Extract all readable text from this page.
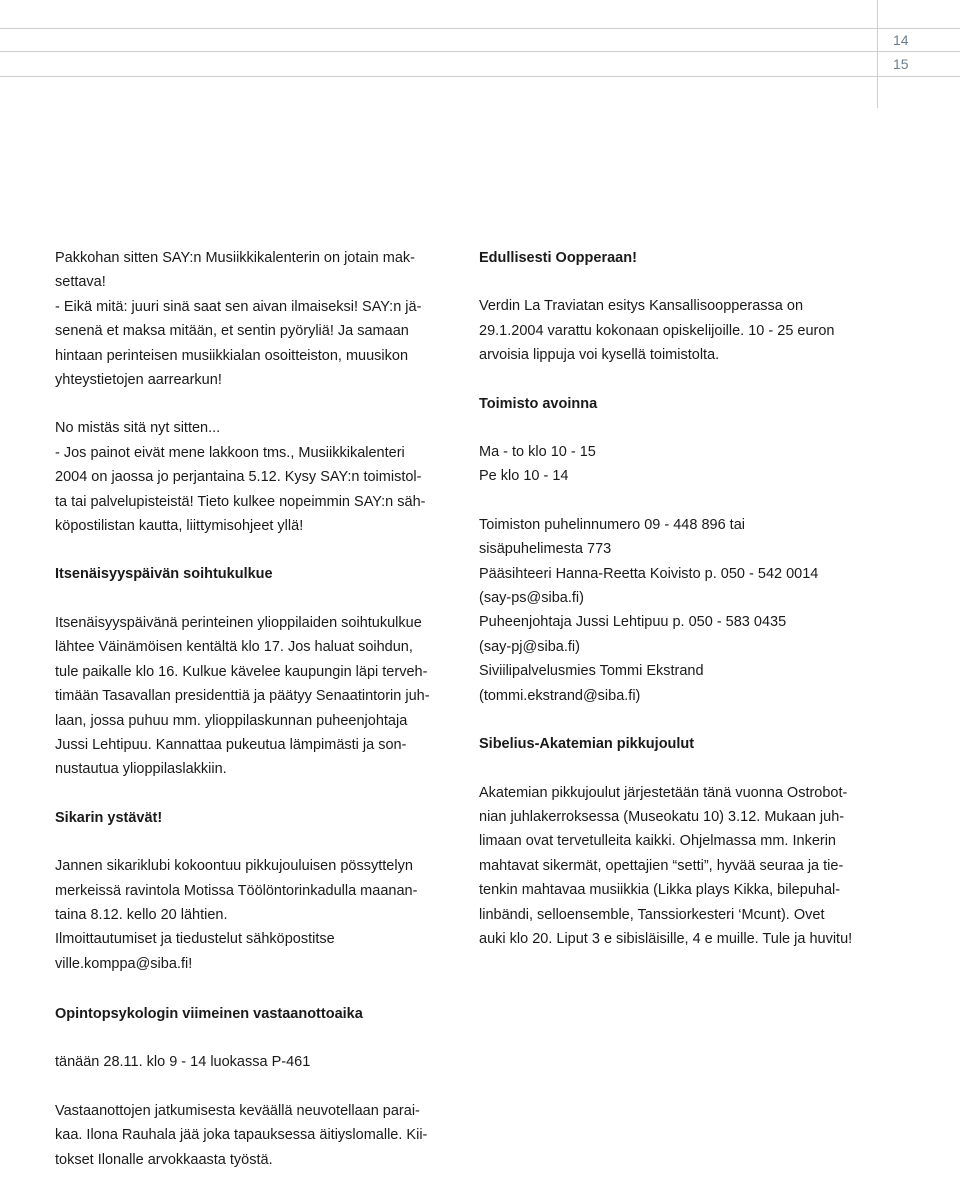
14
15
Pakkohan sitten SAY:n Musiikkikalenterin on jotain mak-
settava!
- Eikä mitä: juuri sinä saat sen aivan ilmaiseksi! SAY:n jä-
senenä et maksa mitään, et sentin pyöryliä! Ja samaan
hintaan perinteisen musiikkialan osoitteiston, muusikon
yhteystietojen aarrearkun!
No mistäs sitä nyt sitten...
- Jos painot eivät mene lakkoon tms., Musiikkikalenteri
2004 on jaossa jo perjantaina 5.12. Kysy SAY:n toimistol-
ta tai palvelupisteistä! Tieto kulkee nopeimmin SAY:n säh-
köpostilistan kautta, liittymisohjeet yllä!
Itsenäisyyspäivän soihtukulkue
Itsenäisyyspäivänä perinteinen ylioppilaiden soihtukulkue
lähtee Väinämöisen kentältä klo 17. Jos haluat soihdun,
tule paikalle klo 16. Kulkue kävelee kaupungin läpi terveh-
timään Tasavallan presidenttiä ja päätyy Senaatintorin juh-
laan, jossa puhuu mm. ylioppilaskunnan puheenjohtaja
Jussi Lehtipuu. Kannattaa pukeutua lämpimästi ja son-
nustautua ylioppilaslakkiin.
Sikarin ystävät!
Jannen sikariklubi kokoontuu pikkujouluisen pössyttelyn
merkeissä ravintola Motissa Töölöntorinkadulla maanan-
taina 8.12. kello 20 lähtien.
Ilmoittautumiset ja tiedustelut sähköpostitse
ville.komppa@siba.fi!
Edullisesti Oopperaan!
Verdin La Traviatan esitys Kansallisoopperassa on
29.1.2004 varattu kokonaan opiskelijoille. 10 - 25 euron
arvoisia lippuja voi kysellä toimistolta.
Toimisto avoinna
Ma - to klo 10 - 15
Pe klo 10 - 14
Toimiston puhelinnumero 09 - 448 896 tai
sisäpuhelimesta 773
Pääsihteeri Hanna-Reetta Koivisto p. 050 - 542 0014
(say-ps@siba.fi)
Puheenjohtaja Jussi Lehtipuu p. 050 - 583 0435
(say-pj@siba.fi)
Siviilipalvelusmies Tommi Ekstrand
(tommi.ekstrand@siba.fi)
Sibelius-Akatemian pikkujoulut
Akatemian pikkujoulut järjestetään tänä vuonna Ostrobot-
nian juhlakerroksessa (Museokatu 10) 3.12. Mukaan juh-
limaan ovat tervetulleita kaikki. Ohjelmassa mm. Inkerin
mahtavat sikermät, opettajien “setti”, hyvää seuraa ja tie-
tenkin mahtavaa musiikkia (Likka plays Kikka, bilepuhal-
linbändi, selloensemble, Tanssiorkesteri ‘Mcunt). Ovet
auki klo 20. Liput 3 e sibisläisille, 4 e muille. Tule ja huvitu!
Opintopsykologin viimeinen vastaanottoaika
tänään 28.11. klo 9 - 14 luokassa P-461
Vastaanottojen jatkumisesta keväällä neuvotellaan parai-
kaa. Ilona Rauhala jää joka tapauksessa äitiyslomalle. Kii-
tokset Ilonalle arvokkaasta työstä.
